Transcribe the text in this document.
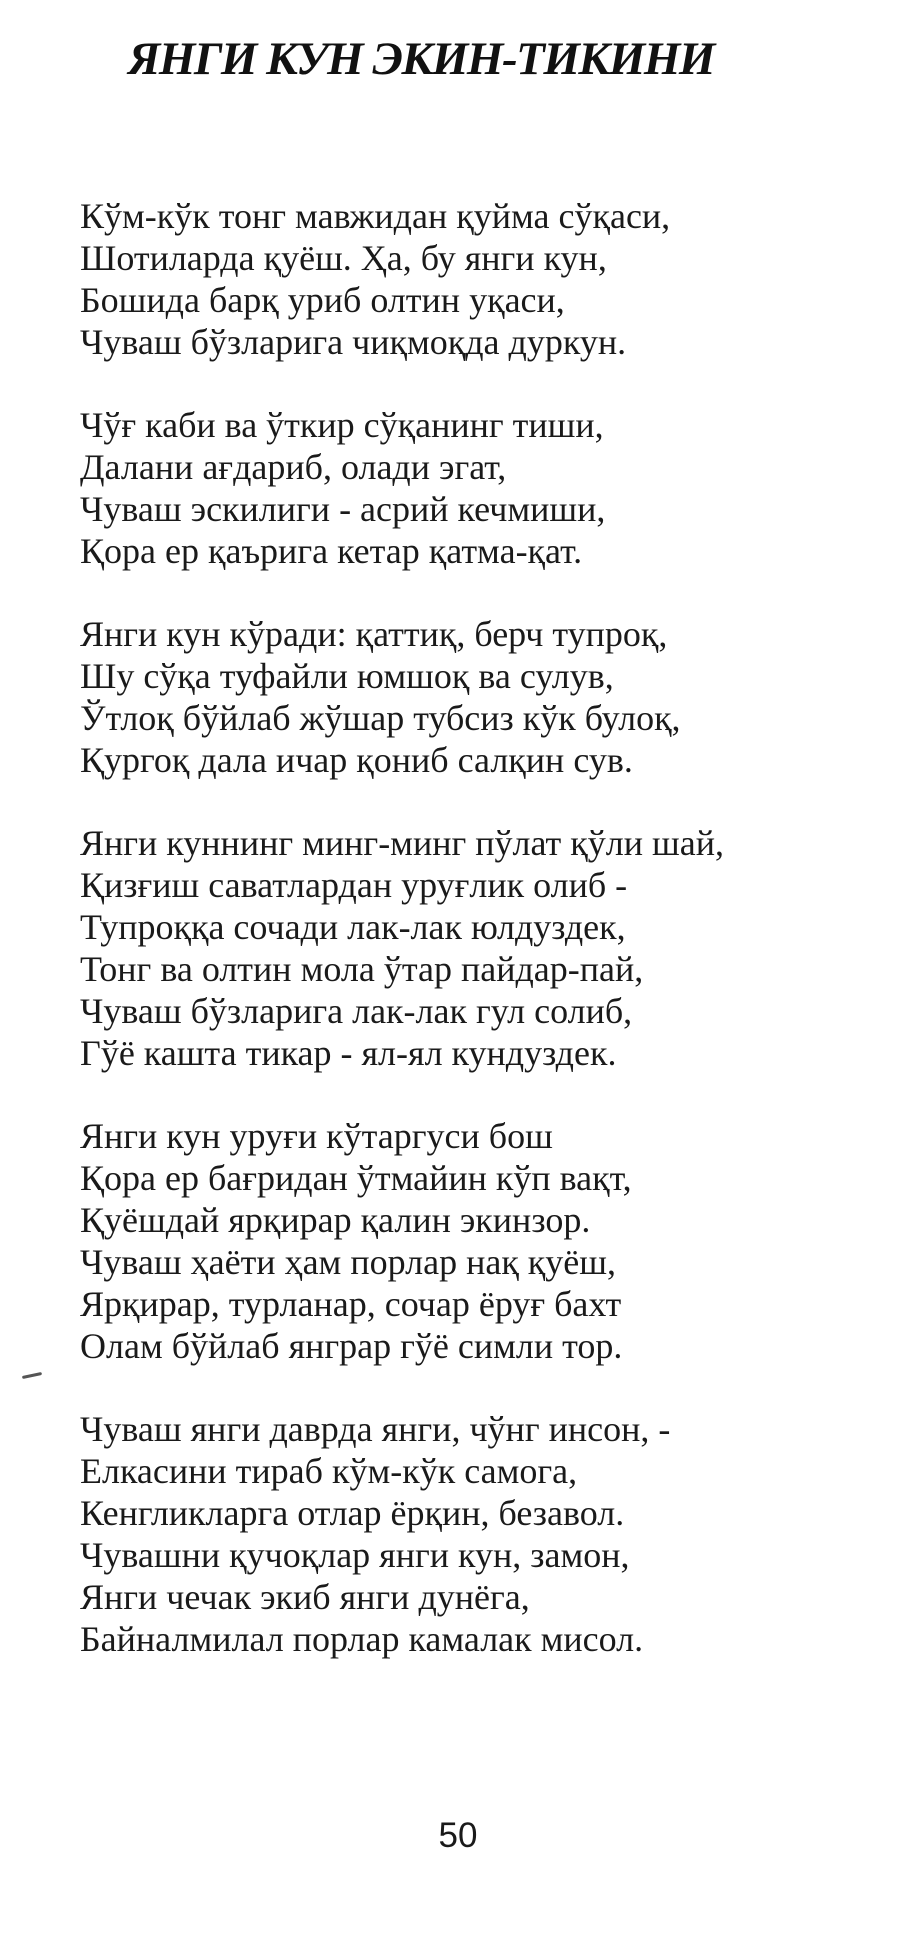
ЯНГИ КУН ЭКИН-ТИКИНИ
Кўм-кўк тонг мавжидан қуйма сўқаси,
Шотиларда қуёш. Ҳа, бу янги кун,
Бошида барқ уриб олтин уқаси,
Чуваш бўзларига чиқмоқда дуркун.
Чўғ каби ва ўткир сўқанинг тиши,
Далани ағдариб, олади эгат,
Чуваш эскилиги - асрий кечмиши,
Қора ер қаърига кетар қатма-қат.
Янги кун кўради: қаттиқ, берч тупроқ,
Шу сўқа туфайли юмшоқ ва сулув,
Ўтлоқ бўйлаб жўшар тубсиз кўк булоқ,
Қургоқ дала ичар қониб салқин сув.
Янги куннинг минг-минг пўлат қўли шай,
Қизғиш саватлардан уруғлик олиб -
Тупроққа сочади лак-лак юлдуздек,
Тонг ва олтин мола ўтар пайдар-пай,
Чуваш бўзларига лак-лак гул солиб,
Гўё кашта тикар - ял-ял кундуздек.
Янги кун уруғи кўтаргуси бош
Қора ер бағридан ўтмайин кўп вақт,
Қуёшдай ярқирар қалин экинзор.
Чуваш ҳаёти ҳам порлар нақ қуёш,
Ярқирар, турланар, сочар ёруғ бахт
Олам бўйлаб янграр гўё симли тор.
Чуваш янги даврда янги, чўнг инсон, -
Елкасини тираб кўм-кўк самога,
Кенгликларга отлар ёрқин, безавол.
Чувашни қучоқлар янги кун, замон,
Янги чечак экиб янги дунёга,
Байналмилал порлар камалак мисол.
50
